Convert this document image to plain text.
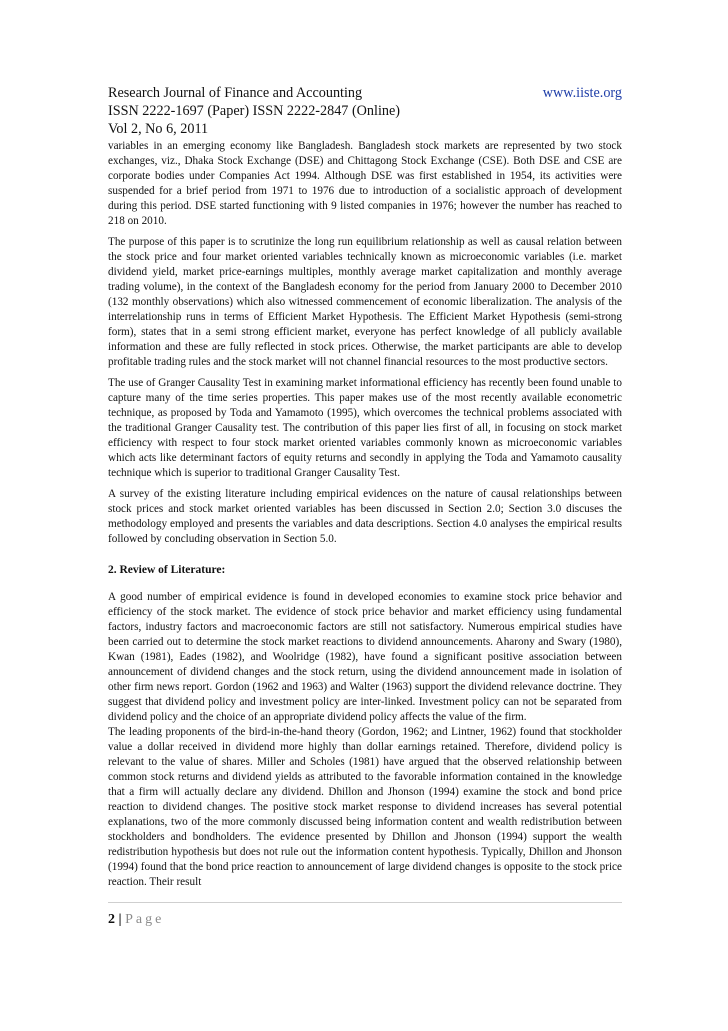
Research Journal of Finance and Accounting	www.iiste.org
ISSN 2222-1697 (Paper) ISSN 2222-2847 (Online)
Vol 2, No 6, 2011

variables in an emerging economy like Bangladesh. Bangladesh stock markets are represented by two stock exchanges, viz., Dhaka Stock Exchange (DSE) and Chittagong Stock Exchange (CSE). Both DSE and CSE are corporate bodies under Companies Act 1994. Although DSE was first established in 1954, its activities were suspended for a brief period from 1971 to 1976 due to introduction of a socialistic approach of development during this period. DSE started functioning with 9 listed companies in 1976; however the number has reached to 218 on 2010.

The purpose of this paper is to scrutinize the long run equilibrium relationship as well as causal relation between the stock price and four market oriented variables technically known as microeconomic variables (i.e. market dividend yield, market price-earnings multiples, monthly average market capitalization and monthly average trading volume), in the context of the Bangladesh economy for the period from January 2000 to December 2010 (132 monthly observations) which also witnessed commencement of economic liberalization. The analysis of the interrelationship runs in terms of Efficient Market Hypothesis. The Efficient Market Hypothesis (semi-strong form), states that in a semi strong efficient market, everyone has perfect knowledge of all publicly available information and these are fully reflected in stock prices. Otherwise, the market participants are able to develop profitable trading rules and the stock market will not channel financial resources to the most productive sectors.

The use of Granger Causality Test in examining market informational efficiency has recently been found unable to capture many of the time series properties. This paper makes use of the most recently available econometric technique, as proposed by Toda and Yamamoto (1995), which overcomes the technical problems associated with the traditional Granger Causality test. The contribution of this paper lies first of all, in focusing on stock market efficiency with respect to four stock market oriented variables commonly known as microeconomic variables which acts like determinant factors of equity returns and secondly in applying the Toda and Yamamoto causality technique which is superior to traditional Granger Causality Test.

A survey of the existing literature including empirical evidences on the nature of causal relationships between stock prices and stock market oriented variables has been discussed in Section 2.0; Section 3.0 discuses the methodology employed and presents the variables and data descriptions. Section 4.0 analyses the empirical results followed by concluding observation in Section 5.0.

2. Review of Literature:

A good number of empirical evidence is found in developed economies to examine stock price behavior and efficiency of the stock market. The evidence of stock price behavior and market efficiency using fundamental factors, industry factors and macroeconomic factors are still not satisfactory. Numerous empirical studies have been carried out to determine the stock market reactions to dividend announcements. Aharony and Swary (1980), Kwan (1981), Eades (1982), and Woolridge (1982), have found a significant positive association between announcement of dividend changes and the stock return, using the dividend announcement made in isolation of other firm news report. Gordon (1962 and 1963) and Walter (1963) support the dividend relevance doctrine. They suggest that dividend policy and investment policy are inter-linked. Investment policy can not be separated from dividend policy and the choice of an appropriate dividend policy affects the value of the firm.

The leading proponents of the bird-in-the-hand theory (Gordon, 1962; and Lintner, 1962) found that stockholder value a dollar received in dividend more highly than dollar earnings retained. Therefore, dividend policy is relevant to the value of shares. Miller and Scholes (1981) have argued that the observed relationship between common stock returns and dividend yields as attributed to the favorable information contained in the knowledge that a firm will actually declare any dividend. Dhillon and Jhonson (1994) examine the stock and bond price reaction to dividend changes. The positive stock market response to dividend increases has several potential explanations, two of the more commonly discussed being information content and wealth redistribution between stockholders and bondholders. The evidence presented by Dhillon and Jhonson (1994) support the wealth redistribution hypothesis but does not rule out the information content hypothesis. Typically, Dhillon and Jhonson (1994) found that the bond price reaction to announcement of large dividend changes is opposite to the stock price reaction. Their result

2 | Page
